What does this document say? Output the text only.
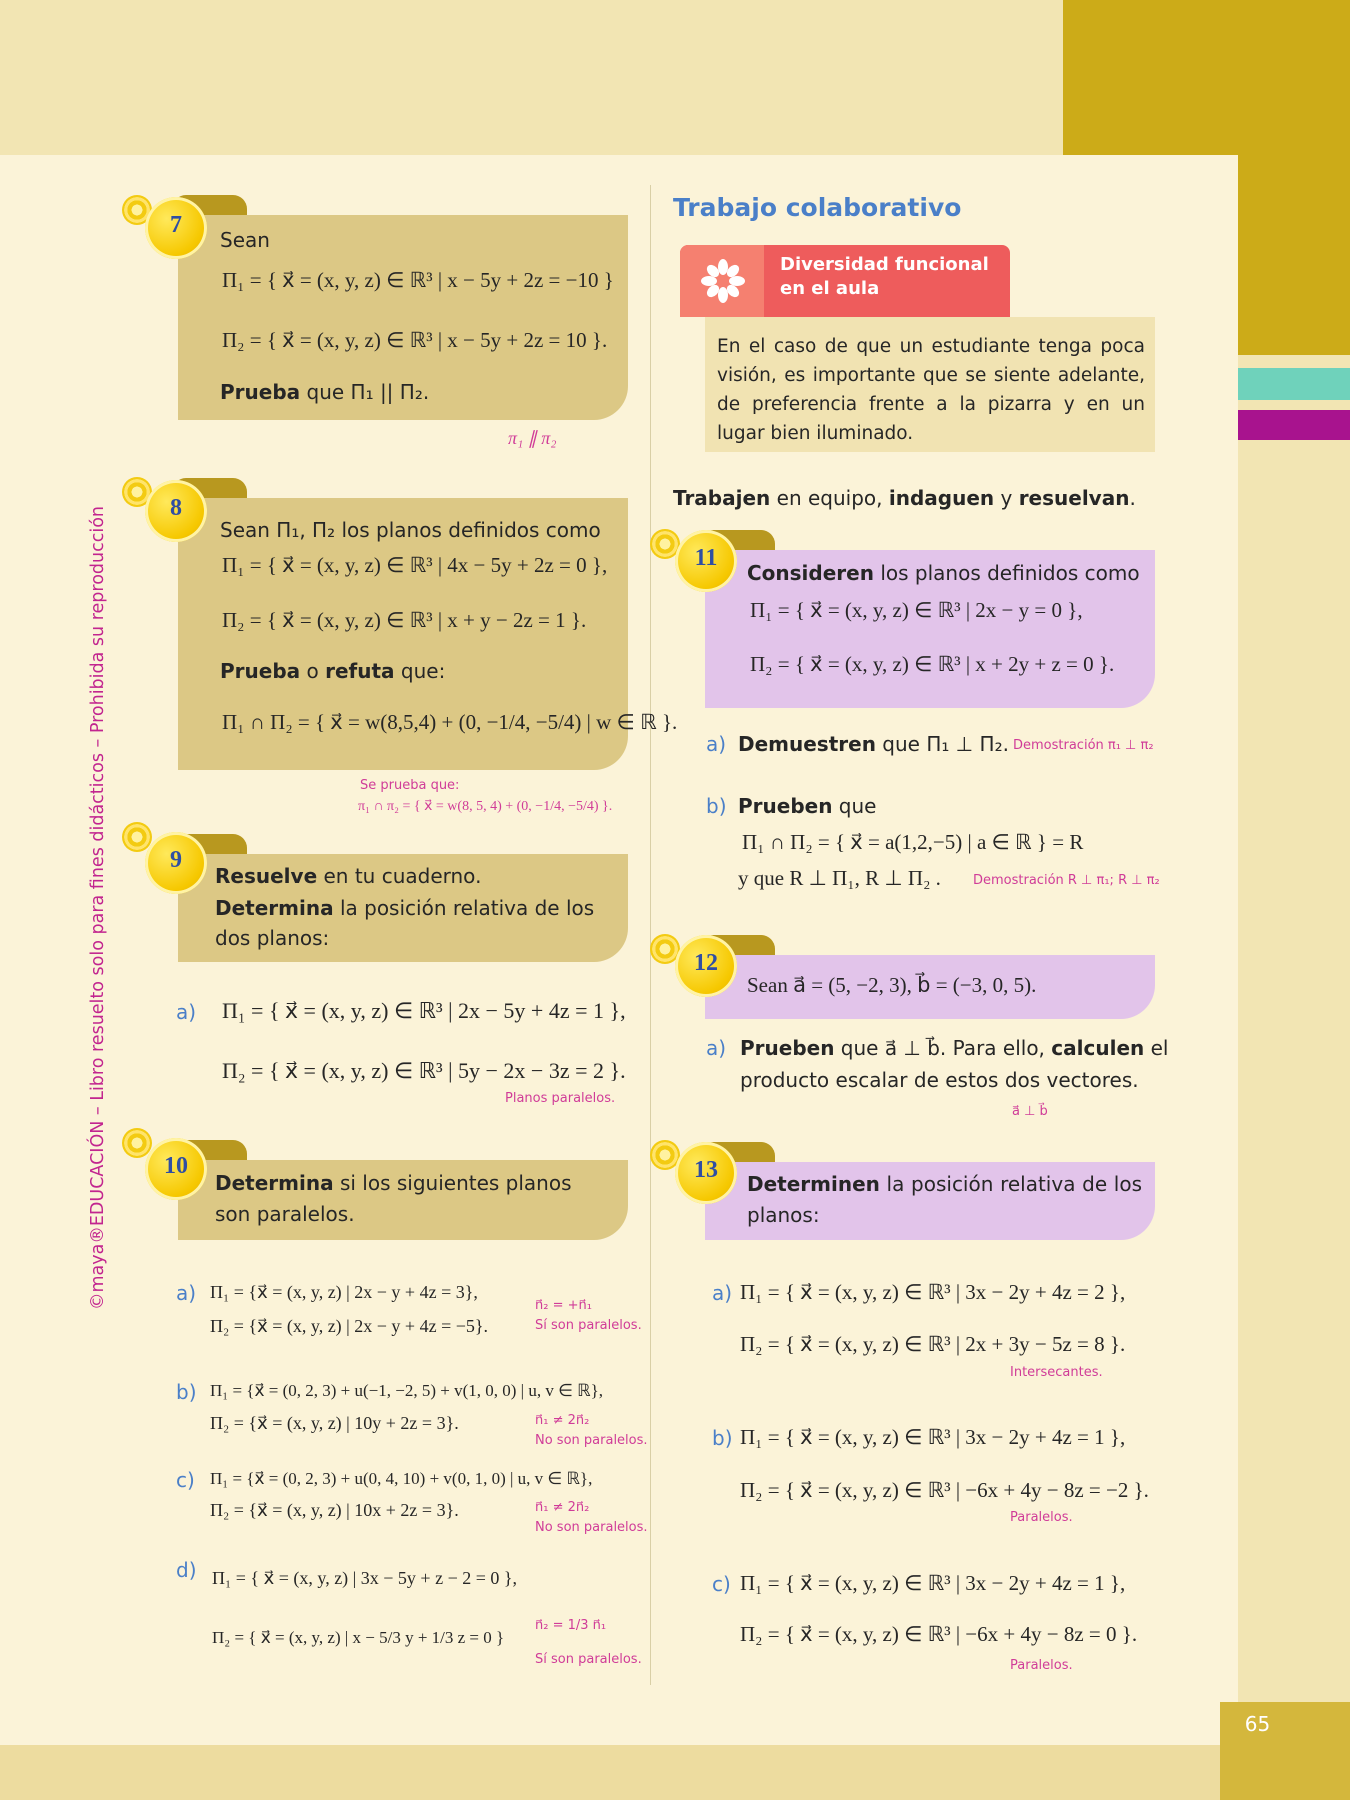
65
©maya®EDUCACIÓN – Libro resuelto solo para fines didácticos – Prohibida su reproducción
7
Sean
Π₁ = { x⃗ = (x, y, z) ∈ ℝ³ | x − 5y + 2z = −10 }
Π₂ = { x⃗ = (x, y, z) ∈ ℝ³ | x − 5y + 2z = 10 }.
Prueba que Π₁ || Π₂.
π₁ ∥ π₂
8
Sean Π₁, Π₂ los planos definidos como
Π₁ = { x⃗ = (x, y, z) ∈ ℝ³ | 4x − 5y + 2z = 0 },
Π₂ = { x⃗ = (x, y, z) ∈ ℝ³ | x + y − 2z = 1 }.
Prueba o refuta que:
Π₁ ∩ Π₂ = { x⃗ = w(8,5,4) + (0, −1/4, −5/4) | w ∈ ℝ }.
Se prueba que:
π₁ ∩ π₂ = { x⃗ = w(8, 5, 4) + (0, −1/4, −5/4) }.
9
Resuelve en tu cuaderno.
Determina la posición relativa de los dos planos:
a) Π₁ = { x⃗ = (x, y, z) ∈ ℝ³ | 2x − 5y + 4z = 1 },
Π₂ = { x⃗ = (x, y, z) ∈ ℝ³ | 5y − 2x − 3z = 2 }.
Planos paralelos.
10
Determina si los siguientes planos son paralelos.
a) Π₁ = {x⃗ = (x, y, z) | 2x − y + 4z = 3},
Π₂ = {x⃗ = (x, y, z) | 2x − y + 4z = −5}.
n⃗₂ = +n⃗₁
Sí son paralelos.
b) Π₁ = {x⃗ = (0, 2, 3) + u(−1, −2, 5) + v(1, 0, 0) | u, v ∈ ℝ},
Π₂ = {x⃗ = (x, y, z) | 10y + 2z = 3}.	n⃗₁ ≠ 2n⃗₂
No son paralelos.
c) Π₁ = {x⃗ = (0, 2, 3) + u(0, 4, 10) + v(0, 1, 0) | u, v ∈ ℝ},
Π₂ = {x⃗ = (x, y, z) | 10x + 2z = 3}.	n⃗₁ ≠ 2n⃗₂
No son paralelos.
d) Π₁ = { x⃗ = (x, y, z) | 3x − 5y + z − 2 = 0 },
Π₂ = { x⃗ = (x, y, z) | x − 5/3 y + 1/3 z = 0 }
n⃗₂ = 1/3 n⃗₁
Sí son paralelos.
Trabajo colaborativo
Diversidad funcional en el aula
En el caso de que un estudiante tenga poca visión, es importante que se siente adelante, de preferencia frente a la pizarra y en un lugar bien iluminado.
Trabajen en equipo, indaguen y resuelvan.
11
Consideren los planos definidos como
Π₁ = { x⃗ = (x, y, z) ∈ ℝ³ | 2x − y = 0 },
Π₂ = { x⃗ = (x, y, z) ∈ ℝ³ | x + 2y + z = 0 }.
a) Demuestren que Π₁ ⊥ Π₂. Demostración π₁ ⊥ π₂
b) Prueben que
Π₁ ∩ Π₂ = { x⃗ = a(1,2,−5) | a ∈ ℝ } = R
y que R ⊥ Π₁, R ⊥ Π₂ . Demostración R ⊥ π₁; R ⊥ π₂
12
Sean a⃗ = (5, −2, 3), b⃗ = (−3, 0, 5).
a) Prueben que a⃗ ⊥ b⃗. Para ello, calculen el
producto escalar de estos dos vectores.
a⃗ ⊥ b⃗
13
Determinen la posición relativa de los planos:
a) Π₁ = { x⃗ = (x, y, z) ∈ ℝ³ | 3x − 2y + 4z = 2 },
Π₂ = { x⃗ = (x, y, z) ∈ ℝ³ | 2x + 3y − 5z = 8 }.
Intersecantes.
b) Π₁ = { x⃗ = (x, y, z) ∈ ℝ³ | 3x − 2y + 4z = 1 },
Π₂ = { x⃗ = (x, y, z) ∈ ℝ³ | −6x + 4y − 8z = −2 }.
Paralelos.
c) Π₁ = { x⃗ = (x, y, z) ∈ ℝ³ | 3x − 2y + 4z = 1 },
Π₂ = { x⃗ = (x, y, z) ∈ ℝ³ | −6x + 4y − 8z = 0 }.
Paralelos.
